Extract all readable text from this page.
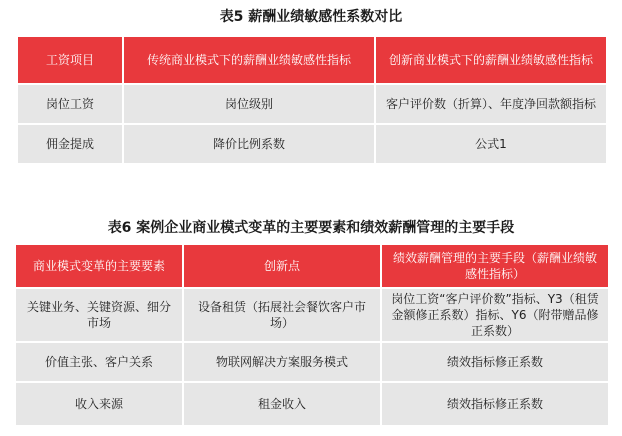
表5 薪酬业绩敏感性系数对比
工资项目	传统商业模式下的薪酬业绩敏感性指标	创新商业模式下的薪酬业绩敏感性指标
岗位工资	岗位级别	客户评价数（折算）、年度净回款额指标
佣金提成	降价比例系数	公式1
表6 案例企业商业模式变革的主要要素和绩效薪酬管理的主要手段
商业模式变革的主要要素	创新点	绩效薪酬管理的主要手段（薪酬业绩敏感性指标）
关键业务、关键资源、细分市场	设备租赁（拓展社会餐饮客户市场）	岗位工资“客户评价数”指标、Y3（租赁金额修正系数）指标、Y6（附带赠品修正系数）
价值主张、客户关系	物联网解决方案服务模式	绩效指标修正系数
收入来源	租金收入	绩效指标修正系数
